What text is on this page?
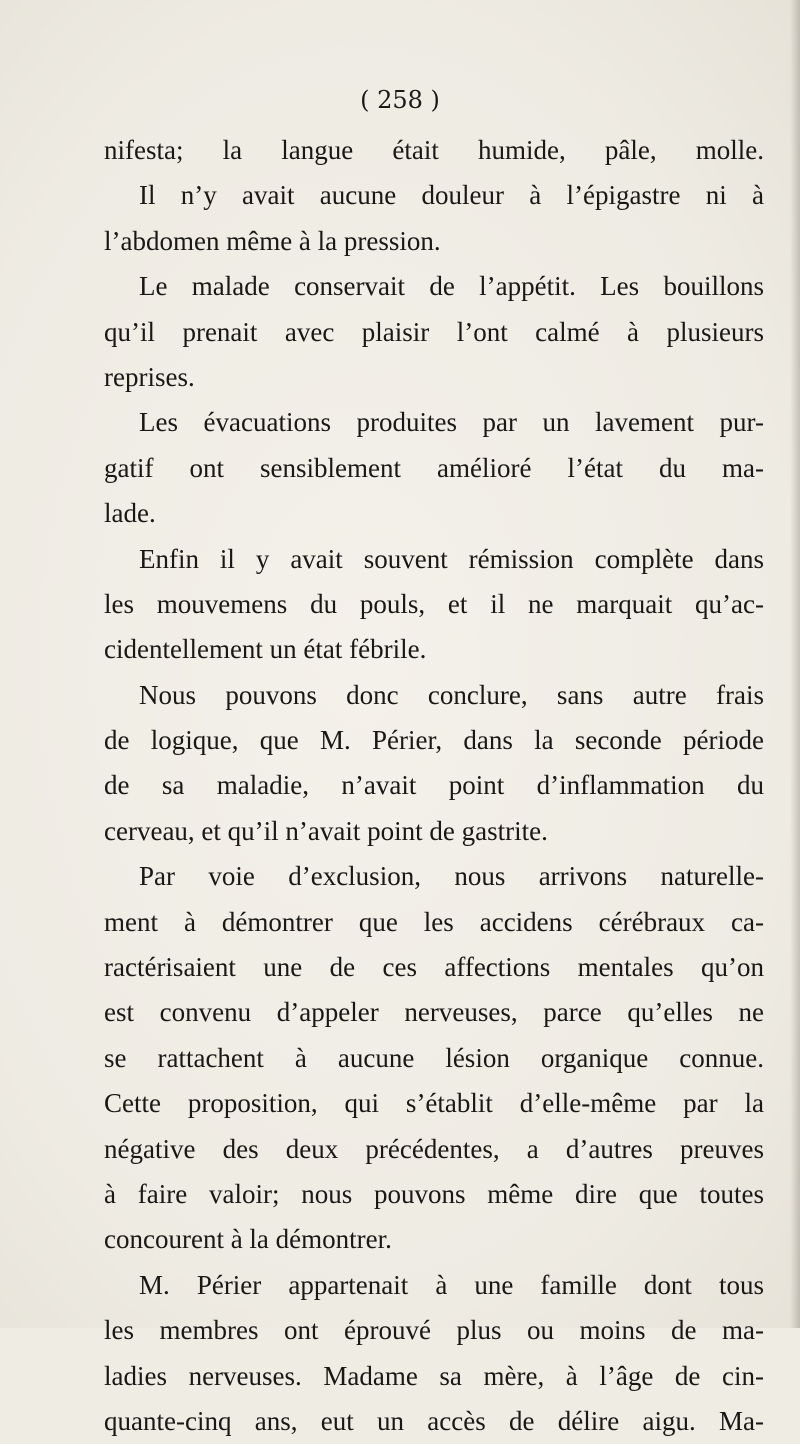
( 258 )

nifesta; la langue était humide, pâle, molle.

Il n’y avait aucune douleur à l’épigastre ni à

l’abdomen même à la pression.

Le malade conservait de l’appétit. Les bouillons

qu’il prenait avec plaisir l’ont calmé à plusieurs

reprises.

Les évacuations produites par un lavement pur-

gatif ont sensiblement amélioré l’état du ma-

lade.

Enfin il y avait souvent rémission complète dans

les mouvemens du pouls, et il ne marquait qu’ac-

cidentellement un état fébrile.

Nous pouvons donc conclure, sans autre frais

de logique, que M. Périer, dans la seconde période

de sa maladie, n’avait point d’inflammation du

cerveau, et qu’il n’avait point de gastrite.

Par voie d’exclusion, nous arrivons naturelle-

ment à démontrer que les accidens cérébraux ca-

ractérisaient une de ces affections mentales qu’on

est convenu d’appeler nerveuses, parce qu’elles ne

se rattachent à aucune lésion organique connue.

Cette proposition, qui s’établit d’elle-même par la

négative des deux précédentes, a d’autres preuves

à faire valoir; nous pouvons même dire que toutes

concourent à la démontrer.

M. Périer appartenait à une famille dont tous

les membres ont éprouvé plus ou moins de ma-

ladies nerveuses. Madame sa mère, à l’âge de cin-

quante-cinq ans, eut un accès de délire aigu. Ma-
